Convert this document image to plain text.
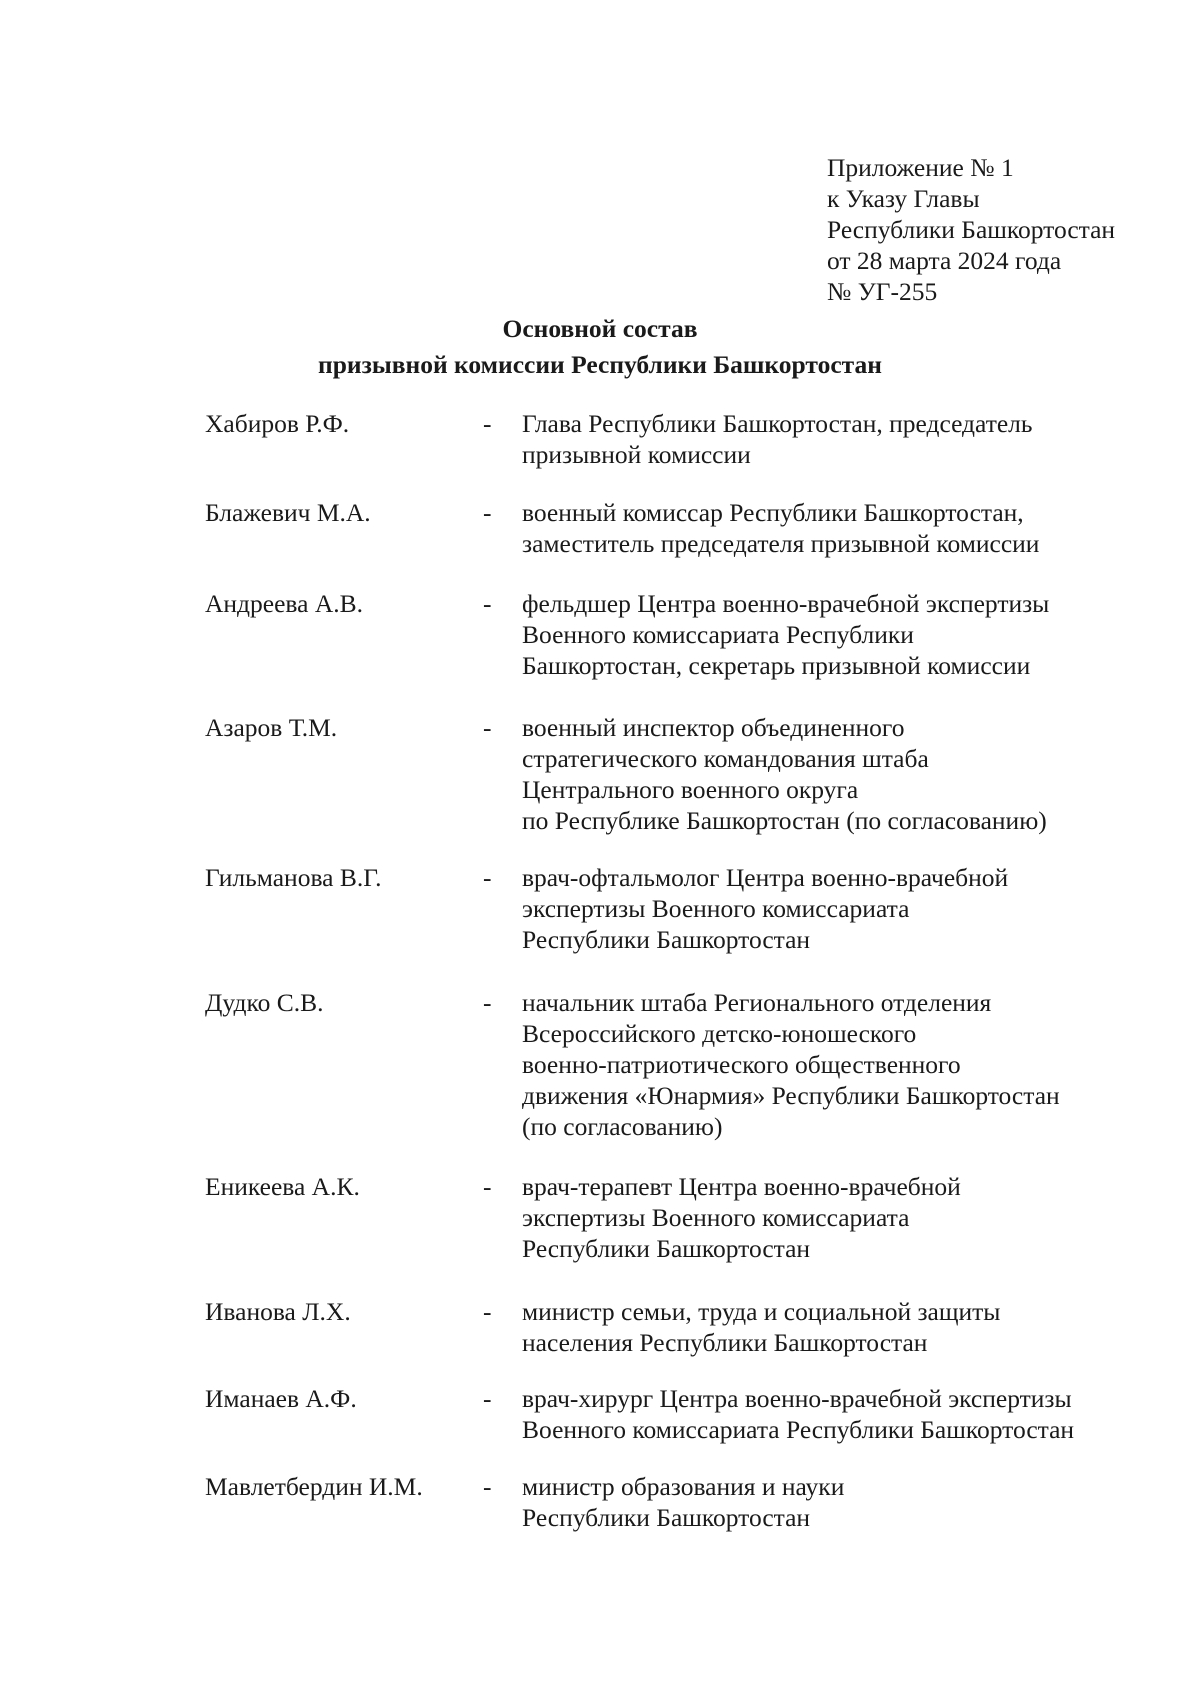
Приложение № 1
к Указу Главы
Республики Башкортостан
от 28 марта 2024 года
№ УГ-255
Основной состав
призывной комиссии Республики Башкортостан
Хабиров Р.Ф.	- Глава Республики Башкортостан, председатель
призывной комиссии
Блажевич М.А.	- военный комиссар Республики Башкортостан,
заместитель председателя призывной комиссии
Андреева А.В.	- фельдшер Центра военно-врачебной экспертизы
Военного комиссариата Республики
Башкортостан, секретарь призывной комиссии
Азаров Т.М.	- военный инспектор объединенного
стратегического командования штаба
Центрального военного округа
по Республике Башкортостан (по согласованию)
Гильманова В.Г.	- врач-офтальмолог Центра военно-врачебной
экспертизы Военного комиссариата
Республики Башкортостан
Дудко С.В.	- начальник штаба Регионального отделения
Всероссийского детско-юношеского
военно-патриотического общественного
движения «Юнармия» Республики Башкортостан
(по согласованию)
Еникеева А.К.	- врач-терапевт Центра военно-врачебной
экспертизы Военного комиссариата
Республики Башкортостан
Иванова Л.Х.	- министр семьи, труда и социальной защиты
населения Республики Башкортостан
Иманаев А.Ф.	- врач-хирург Центра военно-врачебной экспертизы
Военного комиссариата Республики Башкортостан
Мавлетбердин И.М. - министр образования и науки
Республики Башкортостан
